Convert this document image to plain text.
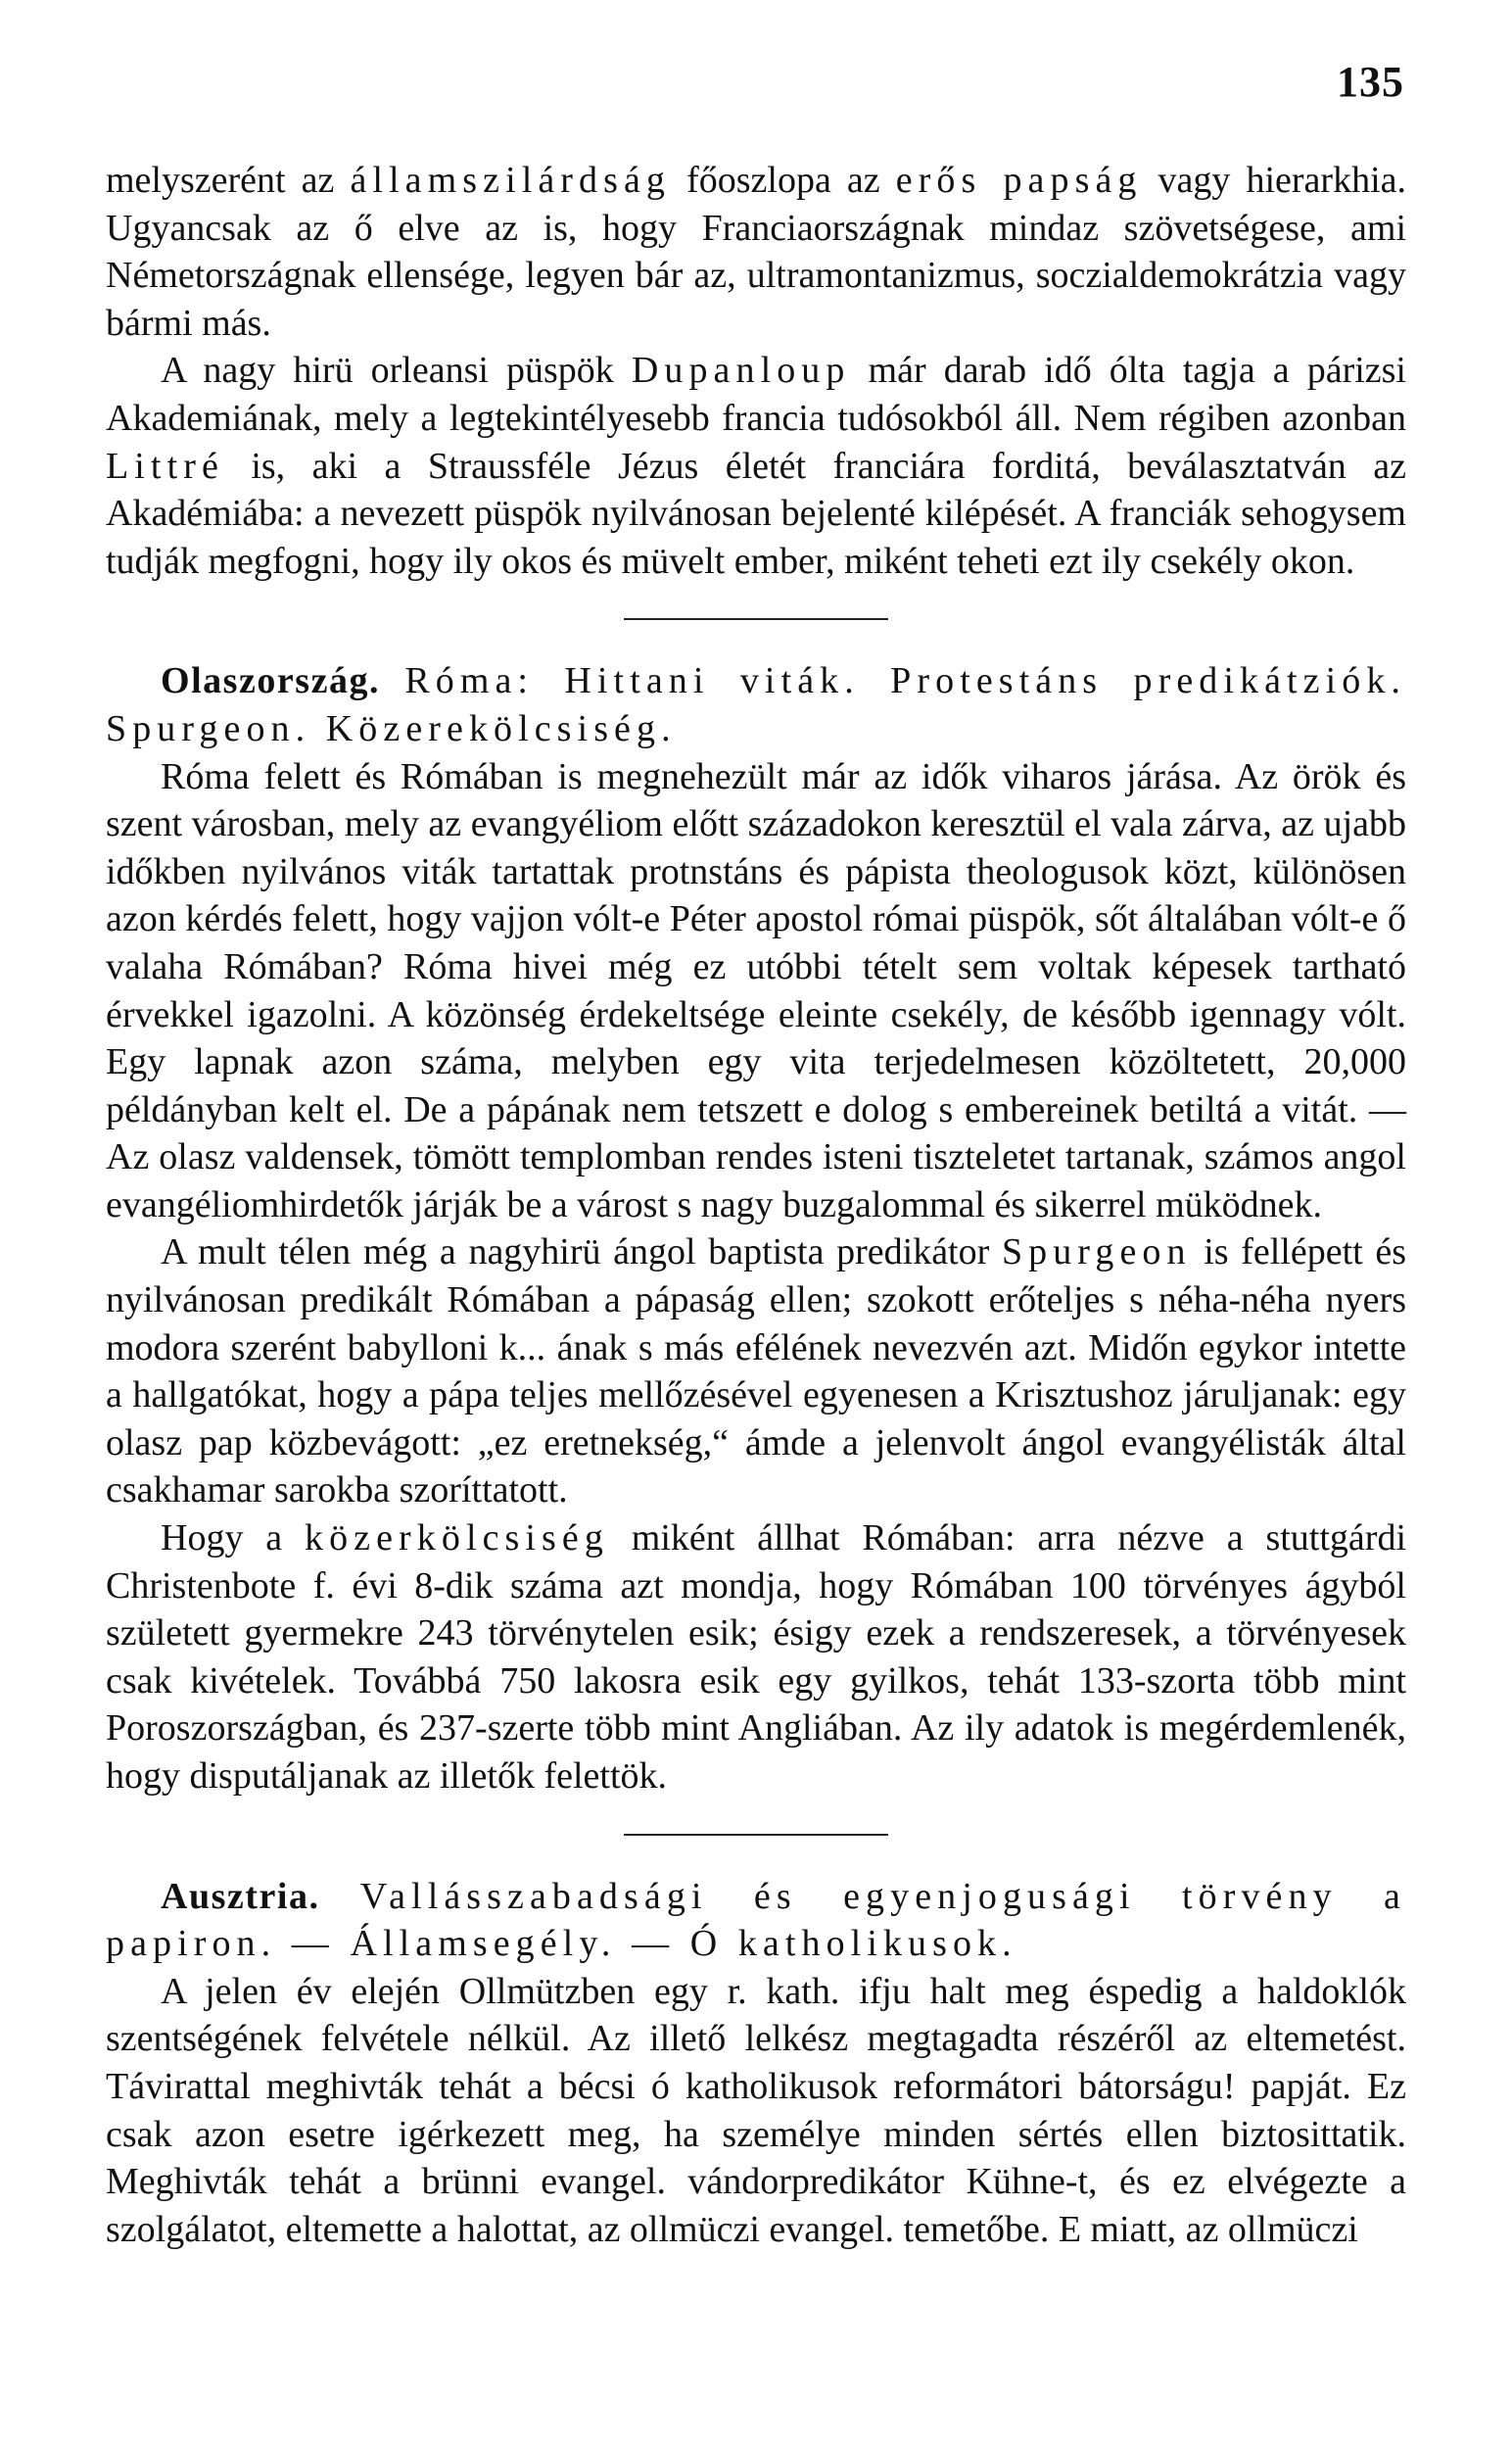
135

melyszerént az államszilárdság főoszlopa az erős papság vagy hierarkhia. Ugyancsak az ő elve az is, hogy Franciaországnak mindaz szövetségese, ami Németországnak ellensége, legyen bár az, ultramontanizmus, soczialdemokrátzia vagy bármi más.

A nagy hirü orleansi püspök Dupanloup már darab idő ólta tagja a párizsi Akademiának, mely a legtekintélyesebb francia tudósokból áll. Nem régiben azonban Littré is, aki a Straussféle Jézus életét franciára forditá, beválasztatván az Akadémiába: a nevezett püspök nyilvánosan bejelenté kilépését. A franciák sehogysem tudják megfogni, hogy ily okos és müvelt ember, miként teheti ezt ily csekély okon.

Olaszország. Róma: Hittani viták. Protestáns predikátziók. Spurgeon. Közerekölcsiség.

Róma felett és Rómában is megnehezült már az idők viharos járása. Az örök és szent városban, mely az evangyéliom előtt századokon keresztül el vala zárva, az ujabb időkben nyilvános viták tartattak protnstáns és pápista theologusok közt, különösen azon kérdés felett, hogy vajjon vólt-e Péter apostol római püspök, sőt általában vólt-e ő valaha Rómában? Róma hivei még ez utóbbi tételt sem voltak képesek tartható érvekkel igazolni. A közönség érdekeltsége eleinte csekély, de később igennagy vólt. Egy lapnak azon száma, melyben egy vita terjedelmesen közöltetett, 20,000 példányban kelt el. De a pápának nem tetszett e dolog s embereinek betiltá a vitát. — Az olasz valdensek, tömött templomban rendes isteni tiszteletet tartanak, számos angol evangéliomhirdetők járják be a várost s nagy buzgalommal és sikerrel müködnek.

A mult télen még a nagyhirü ángol baptista predikátor Spurgeon is fellépett és nyilvánosan predikált Rómában a pápaság ellen; szokott erőteljes s néha-néha nyers modora szerént babylloni k... ának s más efélének nevezvén azt. Midőn egykor intette a hallgatókat, hogy a pápa teljes mellőzésével egyenesen a Krisztushoz járuljanak: egy olasz pap közbevágott: „ez eretnekség,“ ámde a jelenvolt ángol evangyélisták által csakhamar sarokba szoríttatott.

Hogy a közerkölcsiség miként állhat Rómában: arra nézve a stuttgárdi Christenbote f. évi 8-dik száma azt mondja, hogy Rómában 100 törvényes ágyból született gyermekre 243 törvénytelen esik; ésigy ezek a rendszeresek, a törvényesek csak kivételek. Továbbá 750 lakosra esik egy gyilkos, tehát 133-szorta több mint Poroszországban, és 237-szerte több mint Angliában. Az ily adatok is megérdemlenék, hogy disputáljanak az illetők felettök.

Ausztria. Vallásszabadsági és egyenjogusági törvény a papiron. — Államsegély. — Ó katholikusok.

A jelen év elején Ollmützben egy r. kath. ifju halt meg éspedig a haldoklók szentségének felvétele nélkül. Az illető lelkész megtagadta részéről az eltemetést. Távirattal meghivták tehát a bécsi ó katholikusok reformátori bátorságu! papját. Ez csak azon esetre igérkezett meg, ha személye minden sértés ellen biztosittatik. Meghivták tehát a brünni evangel. vándorpredikátor Kühne-t, és ez elvégezte a szolgálatot, eltemette a halottat, az ollmüczi evangel. temetőbe. E miatt, az ollmüczi
